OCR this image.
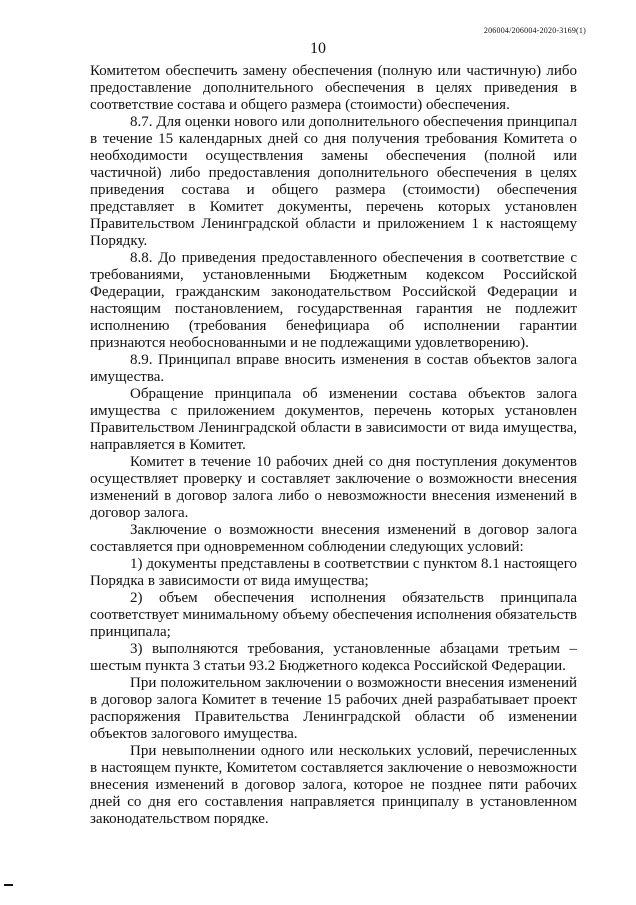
206004/206004-2020-3169(1)
10

Комитетом обеспечить замену обеспечения (полную или частичную) либо предоставление дополнительного обеспечения в целях приведения в соответствие состава и общего размера (стоимости) обеспечения.

8.7. Для оценки нового или дополнительного обеспечения принципал в течение 15 календарных дней со дня получения требования Комитета о необходимости осуществления замены обеспечения (полной или частичной) либо предоставления дополнительного обеспечения в целях приведения состава и общего размера (стоимости) обеспечения представляет в Комитет документы, перечень которых установлен Правительством Ленинградской области и приложением 1 к настоящему Порядку.

8.8. До приведения предоставленного обеспечения в соответствие с требованиями, установленными Бюджетным кодексом Российской Федерации, гражданским законодательством Российской Федерации и настоящим постановлением, государственная гарантия не подлежит исполнению (требования бенефициара об исполнении гарантии признаются необоснованными и не подлежащими удовлетворению).

8.9. Принципал вправе вносить изменения в состав объектов залога имущества.

Обращение принципала об изменении состава объектов залога имущества с приложением документов, перечень которых установлен Правительством Ленинградской области в зависимости от вида имущества, направляется в Комитет.

Комитет в течение 10 рабочих дней со дня поступления документов осуществляет проверку и составляет заключение о возможности внесения изменений в договор залога либо о невозможности внесения изменений в договор залога.

Заключение о возможности внесения изменений в договор залога составляется при одновременном соблюдении следующих условий:

1) документы представлены в соответствии с пунктом 8.1 настоящего Порядка в зависимости от вида имущества;

2) объем обеспечения исполнения обязательств принципала соответствует минимальному объему обеспечения исполнения обязательств принципала;

3) выполняются требования, установленные абзацами третьим – шестым пункта 3 статьи 93.2 Бюджетного кодекса Российской Федерации.

При положительном заключении о возможности внесения изменений в договор залога Комитет в течение 15 рабочих дней разрабатывает проект распоряжения Правительства Ленинградской области об изменении объектов залогового имущества.

При невыполнении одного или нескольких условий, перечисленных в настоящем пункте, Комитетом составляется заключение о невозможности внесения изменений в договор залога, которое не позднее пяти рабочих дней со дня его составления направляется принципалу в установленном законодательством порядке.
